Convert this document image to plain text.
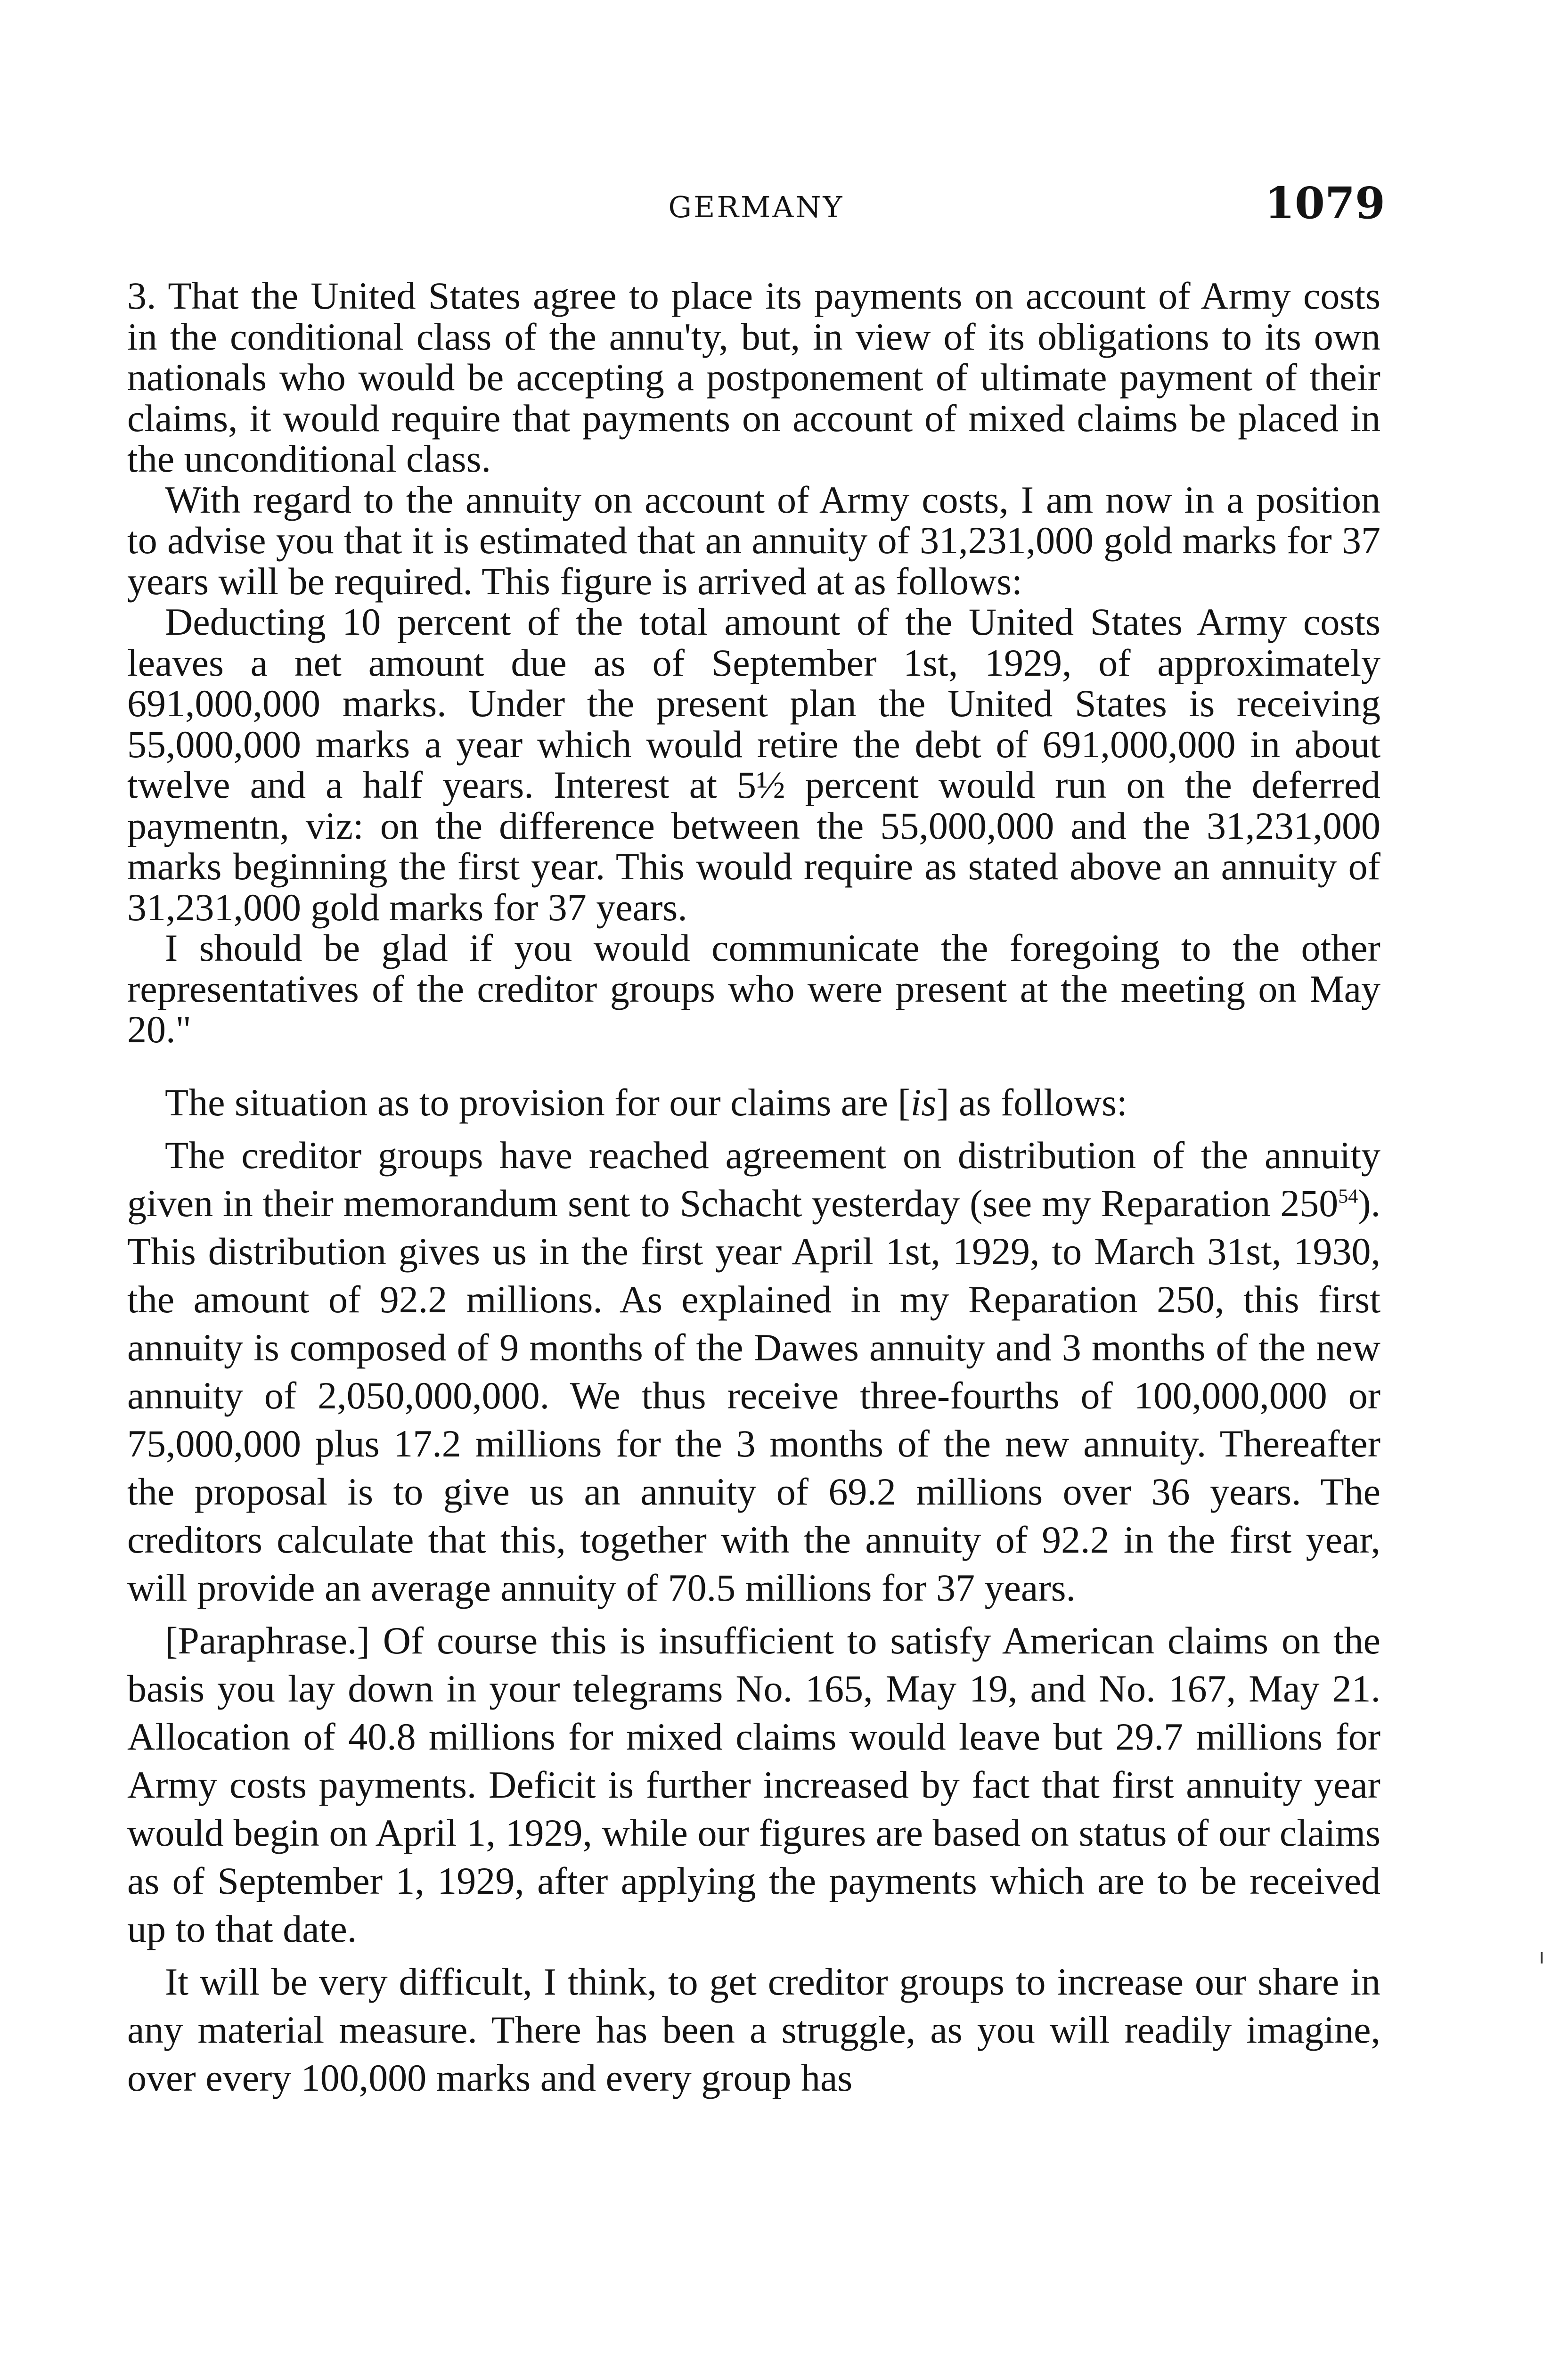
GERMANY	1079

3. That the United States agree to place its payments on account of Army costs in the conditional class of the annu'ty, but, in view of its obligations to its own nationals who would be accepting a postponement of ultimate payment of their claims, it would require that payments on account of mixed claims be placed in the unconditional class.

With regard to the annuity on account of Army costs, I am now in a position to advise you that it is estimated that an annuity of 31,231,000 gold marks for 37 years will be required. This figure is arrived at as follows:

Deducting 10 percent of the total amount of the United States Army costs leaves a net amount due as of September 1st, 1929, of approximately 691,000,000 marks. Under the present plan the United States is receiving 55,000,000 marks a year which would retire the debt of 691,000,000 in about twelve and a half years. Interest at 5½ percent would run on the deferred paymentn, viz: on the difference between the 55,000,000 and the 31,231,000 marks beginning the first year. This would require as stated above an annuity of 31,231,000 gold marks for 37 years.

I should be glad if you would communicate the foregoing to the other representatives of the creditor groups who were present at the meeting on May 20."

The situation as to provision for our claims are [is] as follows:

The creditor groups have reached agreement on distribution of the annuity given in their memorandum sent to Schacht yesterday (see my Reparation 250$^{54}$). This distribution gives us in the first year April 1st, 1929, to March 31st, 1930, the amount of 92.2 millions. As explained in my Reparation 250, this first annuity is composed of 9 months of the Dawes annuity and 3 months of the new annuity of 2,050,000,000. We thus receive three-fourths of 100,000,000 or 75,000,000 plus 17.2 millions for the 3 months of the new annuity. Thereafter the proposal is to give us an annuity of 69.2 millions over 36 years. The creditors calculate that this, together with the annuity of 92.2 in the first year, will provide an average annuity of 70.5 millions for 37 years.

[Paraphrase.] Of course this is insufficient to satisfy American claims on the basis you lay down in your telegrams No. 165, May 19, and No. 167, May 21. Allocation of 40.8 millions for mixed claims would leave but 29.7 millions for Army costs payments. Deficit is further increased by fact that first annuity year would begin on April 1, 1929, while our figures are based on status of our claims as of September 1, 1929, after applying the payments which are to be received up to that date.

It will be very difficult, I think, to get creditor groups to increase our share in any material measure. There has been a struggle, as you will readily imagine, over every 100,000 marks and every group has
